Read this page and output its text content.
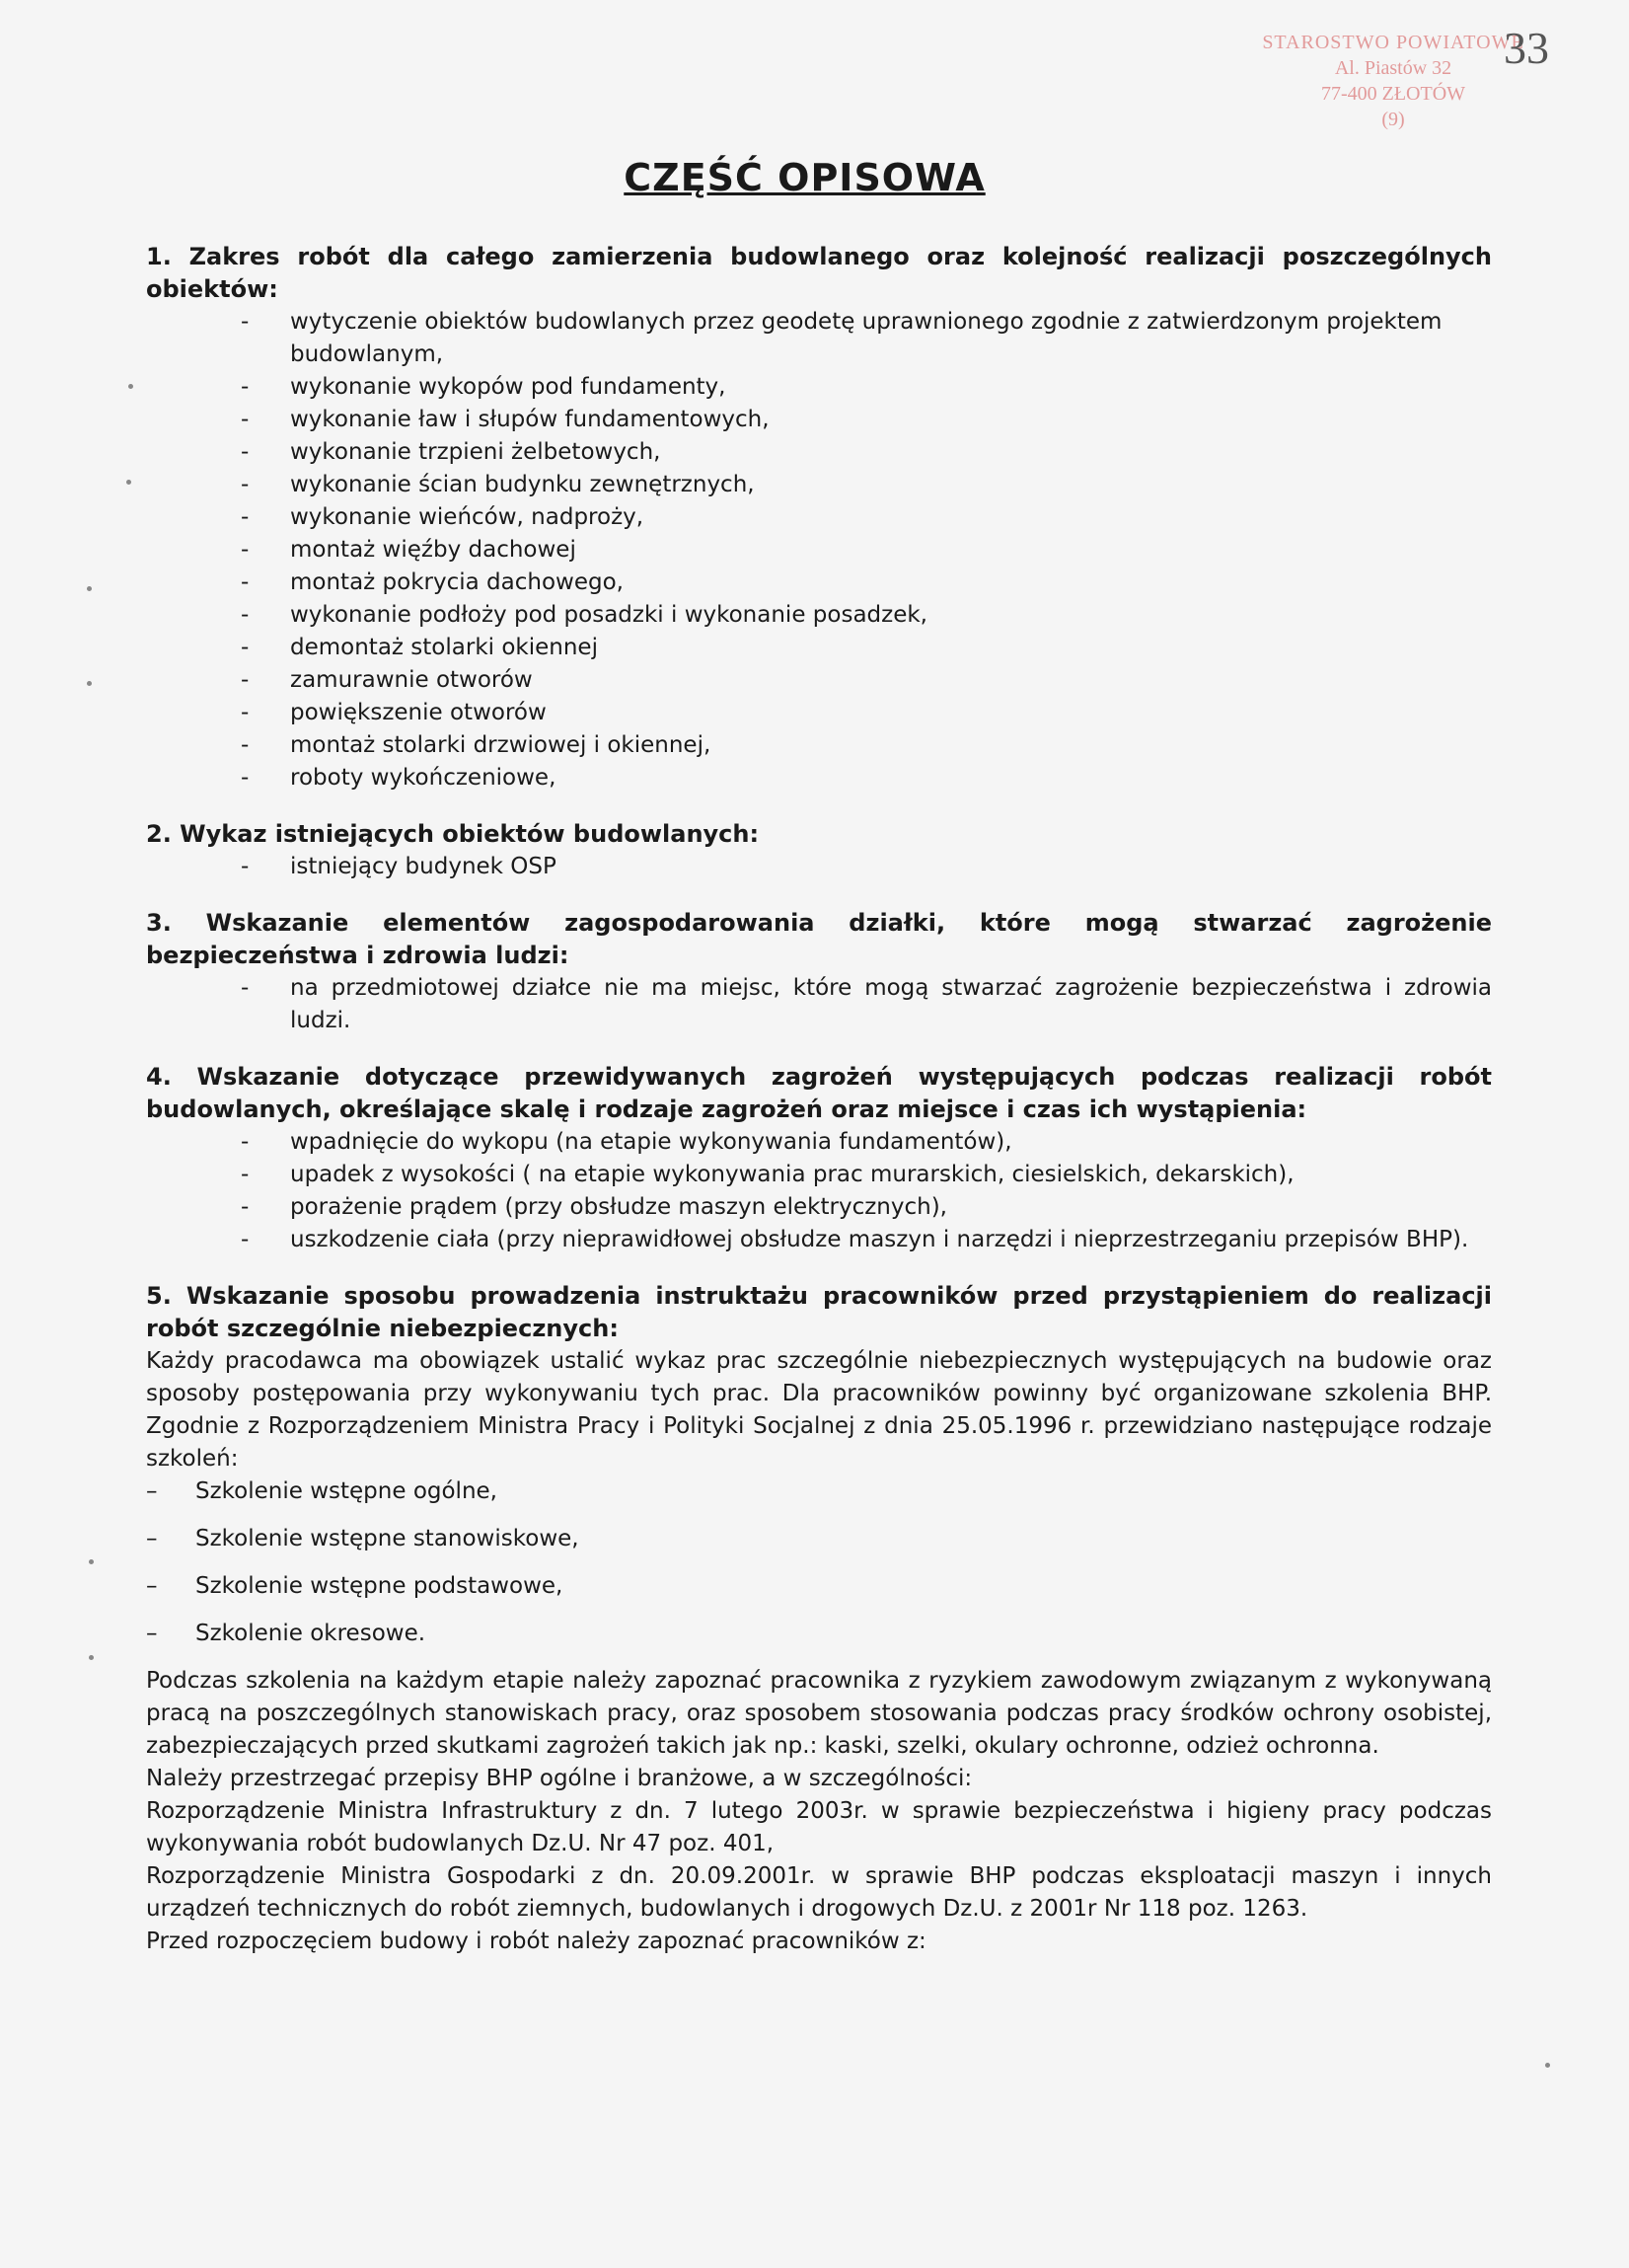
STAROSTWO POWIATOWE
Al. Piastów 32
77-400 ZŁOTÓW
(9)
33
CZĘŚĆ OPISOWA

1. Zakres robót dla całego zamierzenia budowlanego oraz kolejność realizacji poszczególnych obiektów:

- wytyczenie obiektów budowlanych przez geodetę uprawnionego zgodnie z zatwierdzonym projektem budowlanym,
- wykonanie wykopów pod fundamenty,
- wykonanie ław i słupów fundamentowych,
- wykonanie trzpieni żelbetowych,
- wykonanie ścian budynku zewnętrznych,
- wykonanie wieńców, nadproży,
- montaż więźby dachowej
- montaż pokrycia dachowego,
- wykonanie podłoży pod posadzki i wykonanie posadzek,
- demontaż stolarki okiennej
- zamurawnie otworów
- powiększenie otworów
- montaż stolarki drzwiowej i okiennej,
- roboty wykończeniowe,

2. Wykaz istniejących obiektów budowlanych:

- istniejący budynek OSP

3. Wskazanie elementów zagospodarowania działki, które mogą stwarzać zagrożenie bezpieczeństwa i zdrowia ludzi:

- na przedmiotowej działce nie ma miejsc, które mogą stwarzać zagrożenie bezpieczeństwa i zdrowia ludzi.

4. Wskazanie dotyczące przewidywanych zagrożeń występujących podczas realizacji robót budowlanych, określające skalę i rodzaje zagrożeń oraz miejsce i czas ich wystąpienia:

- wpadnięcie do wykopu (na etapie wykonywania fundamentów),
- upadek z wysokości ( na etapie wykonywania prac murarskich, ciesielskich, dekarskich),
- porażenie prądem (przy obsłudze maszyn elektrycznych),
- uszkodzenie ciała (przy nieprawidłowej obsłudze maszyn i narzędzi i nieprzestrzeganiu przepisów BHP).

5. Wskazanie sposobu prowadzenia instruktażu pracowników przed przystąpieniem do realizacji robót szczególnie niebezpiecznych:

Każdy pracodawca ma obowiązek ustalić wykaz prac szczególnie niebezpiecznych występujących na budowie oraz sposoby postępowania przy wykonywaniu tych prac. Dla pracowników powinny być organizowane szkolenia BHP. Zgodnie z Rozporządzeniem Ministra Pracy i Polityki Socjalnej z dnia 25.05.1996 r. przewidziano następujące rodzaje szkoleń:

– Szkolenie wstępne ogólne,
– Szkolenie wstępne stanowiskowe,
– Szkolenie wstępne podstawowe,
– Szkolenie okresowe.

Podczas szkolenia na każdym etapie należy zapoznać pracownika z ryzykiem zawodowym związanym z wykonywaną pracą na poszczególnych stanowiskach pracy, oraz sposobem stosowania podczas pracy środków ochrony osobistej, zabezpieczających przed skutkami zagrożeń takich jak np.: kaski, szelki, okulary ochronne, odzież ochronna.

Należy przestrzegać przepisy BHP ogólne i branżowe, a w szczególności:

Rozporządzenie Ministra Infrastruktury z dn. 7 lutego 2003r. w sprawie bezpieczeństwa i higieny pracy podczas wykonywania robót budowlanych Dz.U. Nr 47 poz. 401,

Rozporządzenie Ministra Gospodarki z dn. 20.09.2001r. w sprawie BHP podczas eksploatacji maszyn i innych urządzeń technicznych do robót ziemnych, budowlanych i drogowych Dz.U. z 2001r Nr 118 poz. 1263.

Przed rozpoczęciem budowy i robót należy zapoznać pracowników z:
